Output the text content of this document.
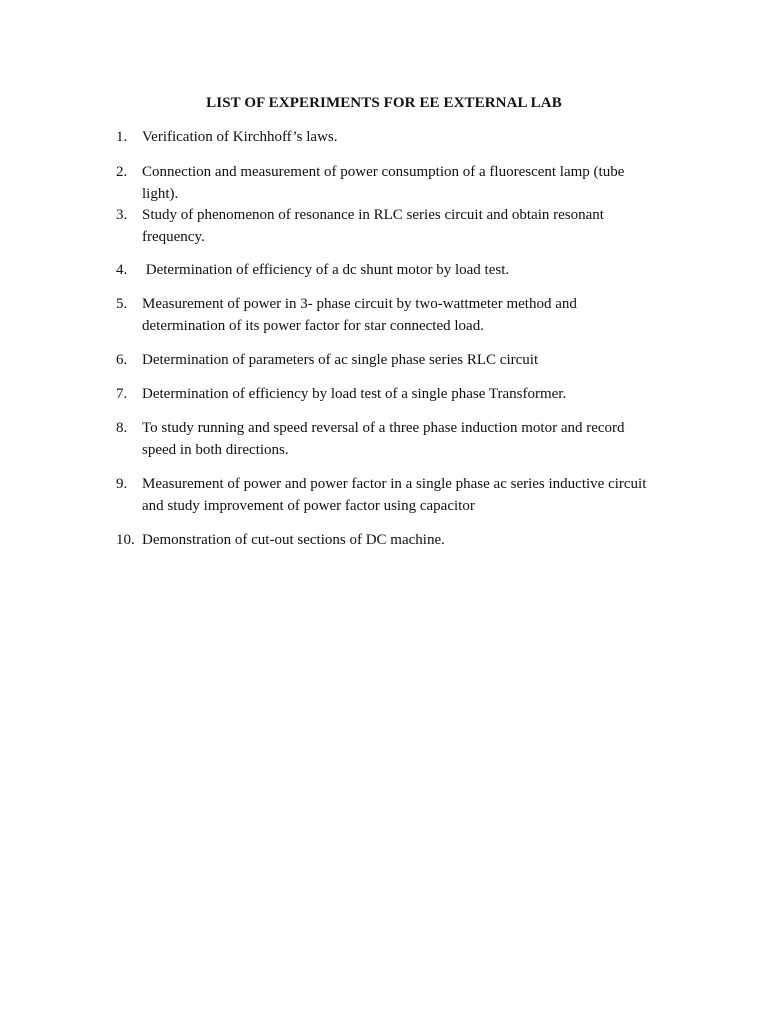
LIST OF EXPERIMENTS FOR EE EXTERNAL LAB
1. Verification of Kirchhoff’s laws.
2. Connection and measurement of power consumption of a fluorescent lamp (tube light).
3. Study of phenomenon of resonance in RLC series circuit and obtain resonant frequency.
4. Determination of efficiency of a dc shunt motor by load test.
5. Measurement of power in 3- phase circuit by two-wattmeter method and determination of its power factor for star connected load.
6. Determination of parameters of ac single phase series RLC circuit
7. Determination of efficiency by load test of a single phase Transformer.
8. To study running and speed reversal of a three phase induction motor and record speed in both directions.
9. Measurement of power and power factor in a single phase ac series inductive circuit and study improvement of power factor using capacitor
10. Demonstration of cut-out sections of DC machine.
